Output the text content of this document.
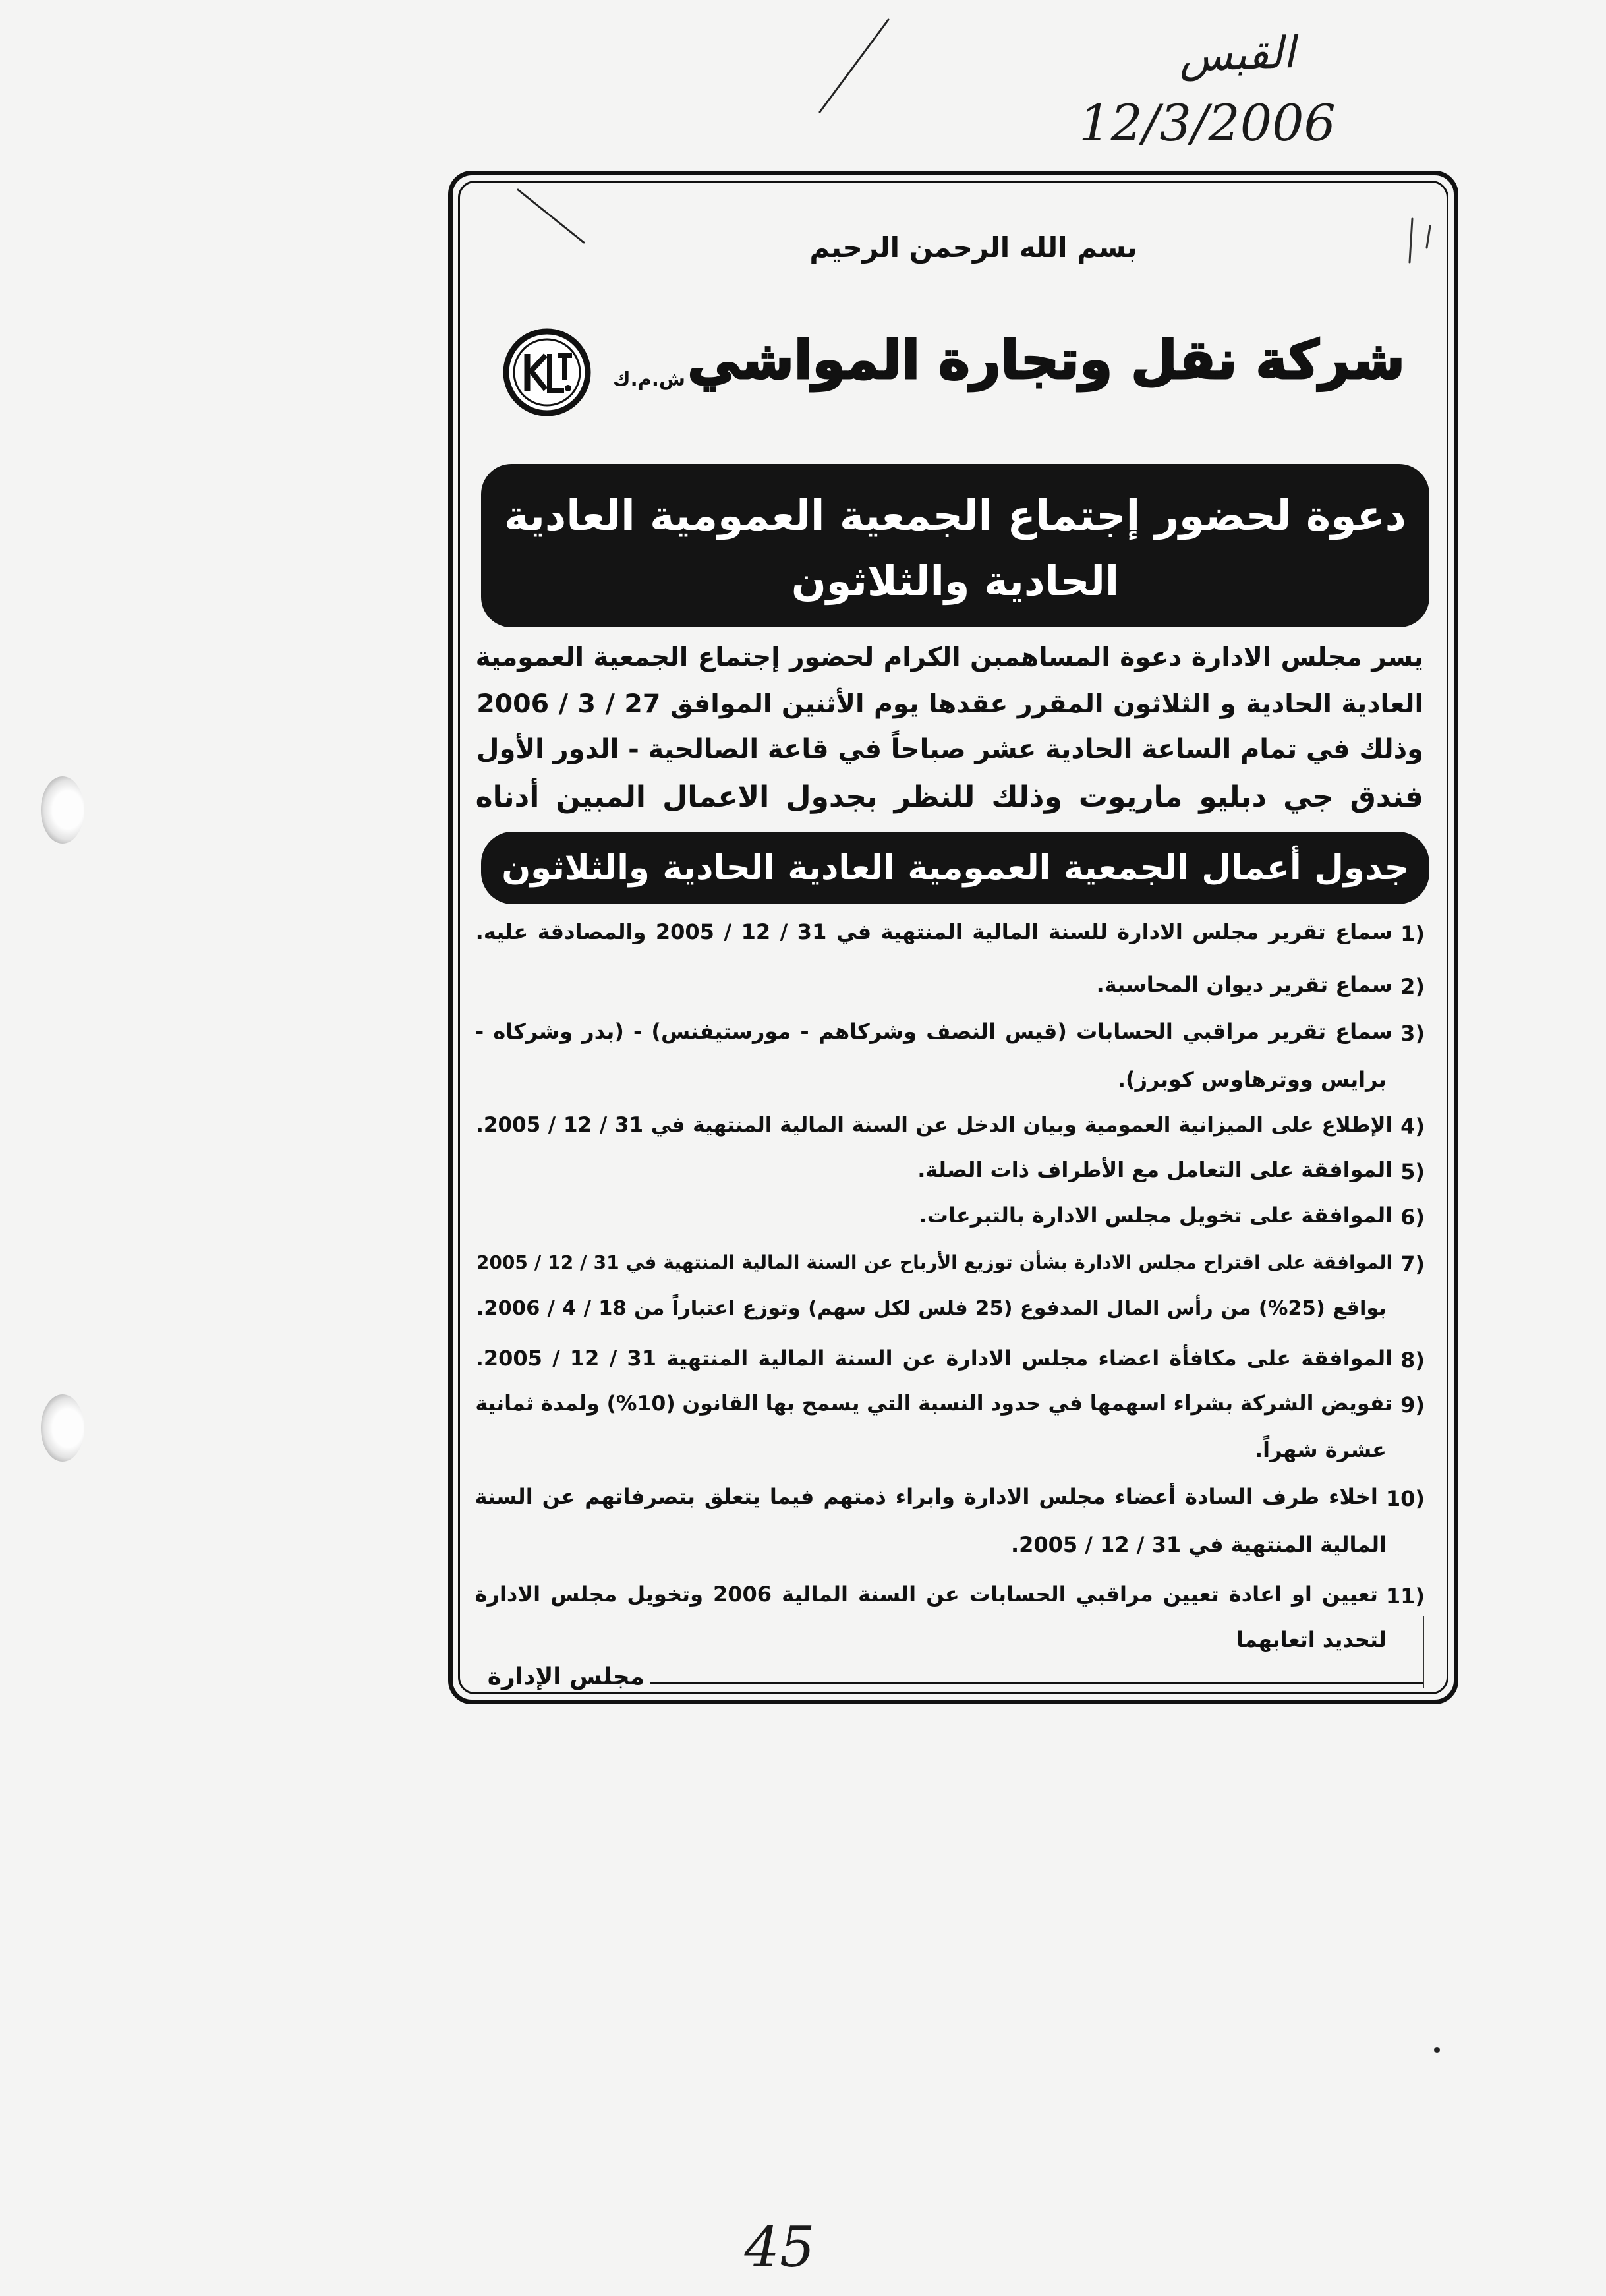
القبس
12/3/2006
45
بسم الله الرحمن الرحيم
شركة نقل وتجارة المواشي
ش.م.ك
دعوة لحضور إجتماع الجمعية العمومية العادية
الحادية والثلاثون
يسر مجلس الادارة دعوة المساهمبن الكرام لحضور إجتماع الجمعية العمومية
العادية الحادية و الثلاثون المقرر عقدها يوم الأثنين الموافق 27 / 3 / 2006
وذلك في تمام الساعة الحادية عشر صباحاً في قاعة الصالحية - الدور الأول
فندق جي دبليو ماريوت وذلك للنظر بجدول الاعمال المبين أدناه
جدول أعمال الجمعية العمومية العادية الحادية والثلاثون
1)
سماع تقرير مجلس الادارة للسنة المالية المنتهية في 31 / 12 / 2005 والمصادقة عليه.
2)
سماع تقرير ديوان المحاسبة.
3)
سماع تقرير مراقبي الحسابات (قيس النصف وشركاهم - مورستيفنس) - (بدر وشركاه -
برايس ووترهاوس كوبرز).
4)
الإطلاع على الميزانية العمومية وبيان الدخل عن السنة المالية المنتهية في 31 / 12 / 2005.
5)
الموافقة على التعامل مع الأطراف ذات الصلة.
6)
الموافقة على تخويل مجلس الادارة بالتبرعات.
7)
الموافقة على اقتراح مجلس الادارة بشأن توزيع الأرباح عن السنة المالية المنتهية في 31 / 12 / 2005
بواقع (25%) من رأس المال المدفوع (25 فلس لكل سهم) وتوزع اعتباراً من 18 / 4 / 2006.
8)
الموافقة على مكافأة اعضاء مجلس الادارة عن السنة المالية المنتهية 31 / 12 / 2005.
9)
تفويض الشركة بشراء اسهمها في حدود النسبة التي يسمح بها القانون (10%) ولمدة ثمانية
عشرة شهراً.
10)
اخلاء طرف السادة أعضاء مجلس الادارة وابراء ذمتهم فيما يتعلق بتصرفاتهم عن السنة
المالية المنتهية في 31 / 12 / 2005.
11)
تعيين او اعادة تعيين مراقبي الحسابات عن السنة المالية 2006 وتخويل مجلس الادارة
لتحديد اتعابهما
مجلس الإدارة
